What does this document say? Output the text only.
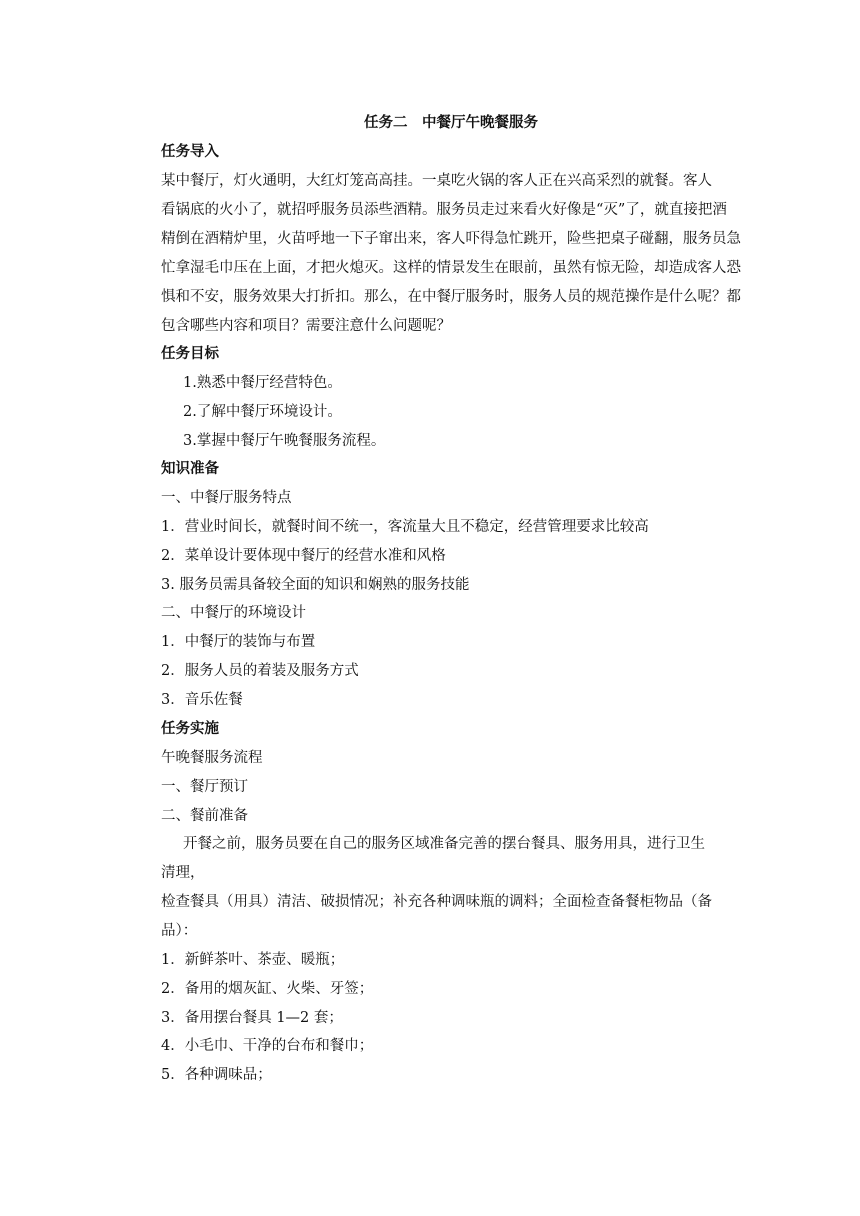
任务二　中餐厅午晚餐服务
任务导入
某中餐厅，灯火通明，大红灯笼高高挂。一桌吃火锅的客人正在兴高采烈的就餐。客人
看锅底的火小了，就招呼服务员添些酒精。服务员走过来看火好像是“灭”了，就直接把酒
精倒在酒精炉里，火苗呼地一下子窜出来，客人吓得急忙跳开，险些把桌子碰翻，服务员急
忙拿湿毛巾压在上面，才把火熄灭。这样的情景发生在眼前，虽然有惊无险，却造成客人恐
惧和不安，服务效果大打折扣。那么，在中餐厅服务时，服务人员的规范操作是什么呢？都
包含哪些内容和项目？需要注意什么问题呢？
任务目标
1.熟悉中餐厅经营特色。
2.了解中餐厅环境设计。
3.掌握中餐厅午晚餐服务流程。
知识准备
一、中餐厅服务特点
1．营业时间长，就餐时间不统一，客流量大且不稳定，经营管理要求比较高
2．菜单设计要体现中餐厅的经营水准和风格
3. 服务员需具备较全面的知识和娴熟的服务技能
二、中餐厅的环境设计
1．中餐厅的装饰与布置
2．服务人员的着装及服务方式
3．音乐佐餐
任务实施
午晚餐服务流程
一、餐厅预订
二、餐前准备
开餐之前，服务员要在自己的服务区域准备完善的摆台餐具、服务用具，进行卫生
清理，
检查餐具（用具）清洁、破损情况；补充各种调味瓶的调料；全面检查备餐柜物品（备
品）：
1．新鲜茶叶、茶壶、暖瓶；
2．备用的烟灰缸、火柴、牙签；
3．备用摆台餐具 1—2 套；
4．小毛巾、干净的台布和餐巾；
5．各种调味品；
